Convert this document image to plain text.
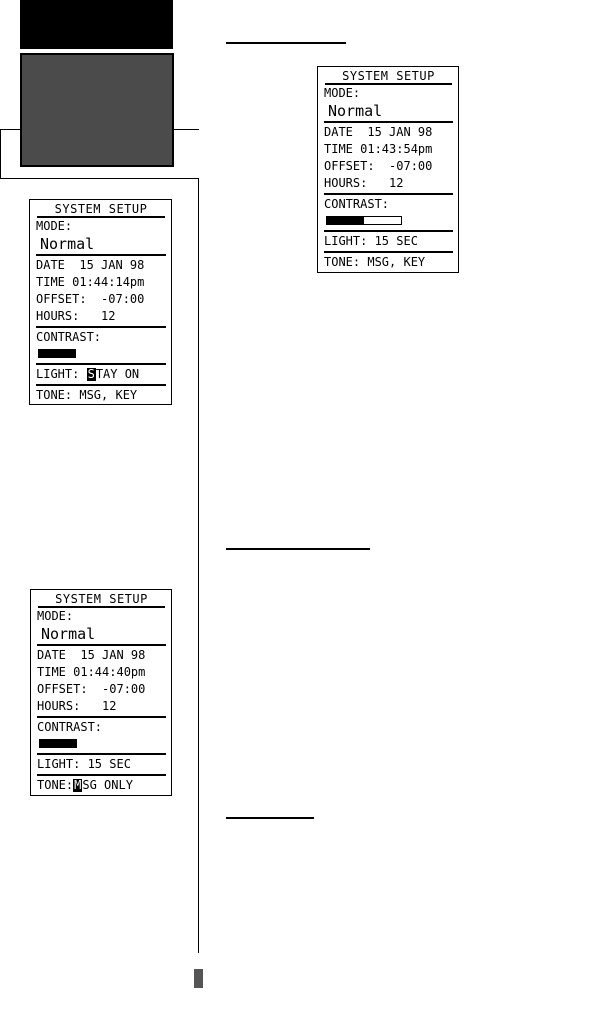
SYSTEM SETUP
MODE:
Normal
DATE  15 JAN 98
TIME 01:43:54pm
OFFSET:  -07:00
HOURS:   12
CONTRAST:
LIGHT: 15 SEC
TONE: MSG, KEY
SYSTEM SETUP
MODE:
Normal
DATE  15 JAN 98
TIME 01:44:14pm
OFFSET:  -07:00
HOURS:   12
CONTRAST:
LIGHT: STAY ON
TONE: MSG, KEY
SYSTEM SETUP
MODE:
Normal
DATE  15 JAN 98
TIME 01:44:40pm
OFFSET:  -07:00
HOURS:   12
CONTRAST:
LIGHT: 15 SEC
TONE:MSG ONLY
